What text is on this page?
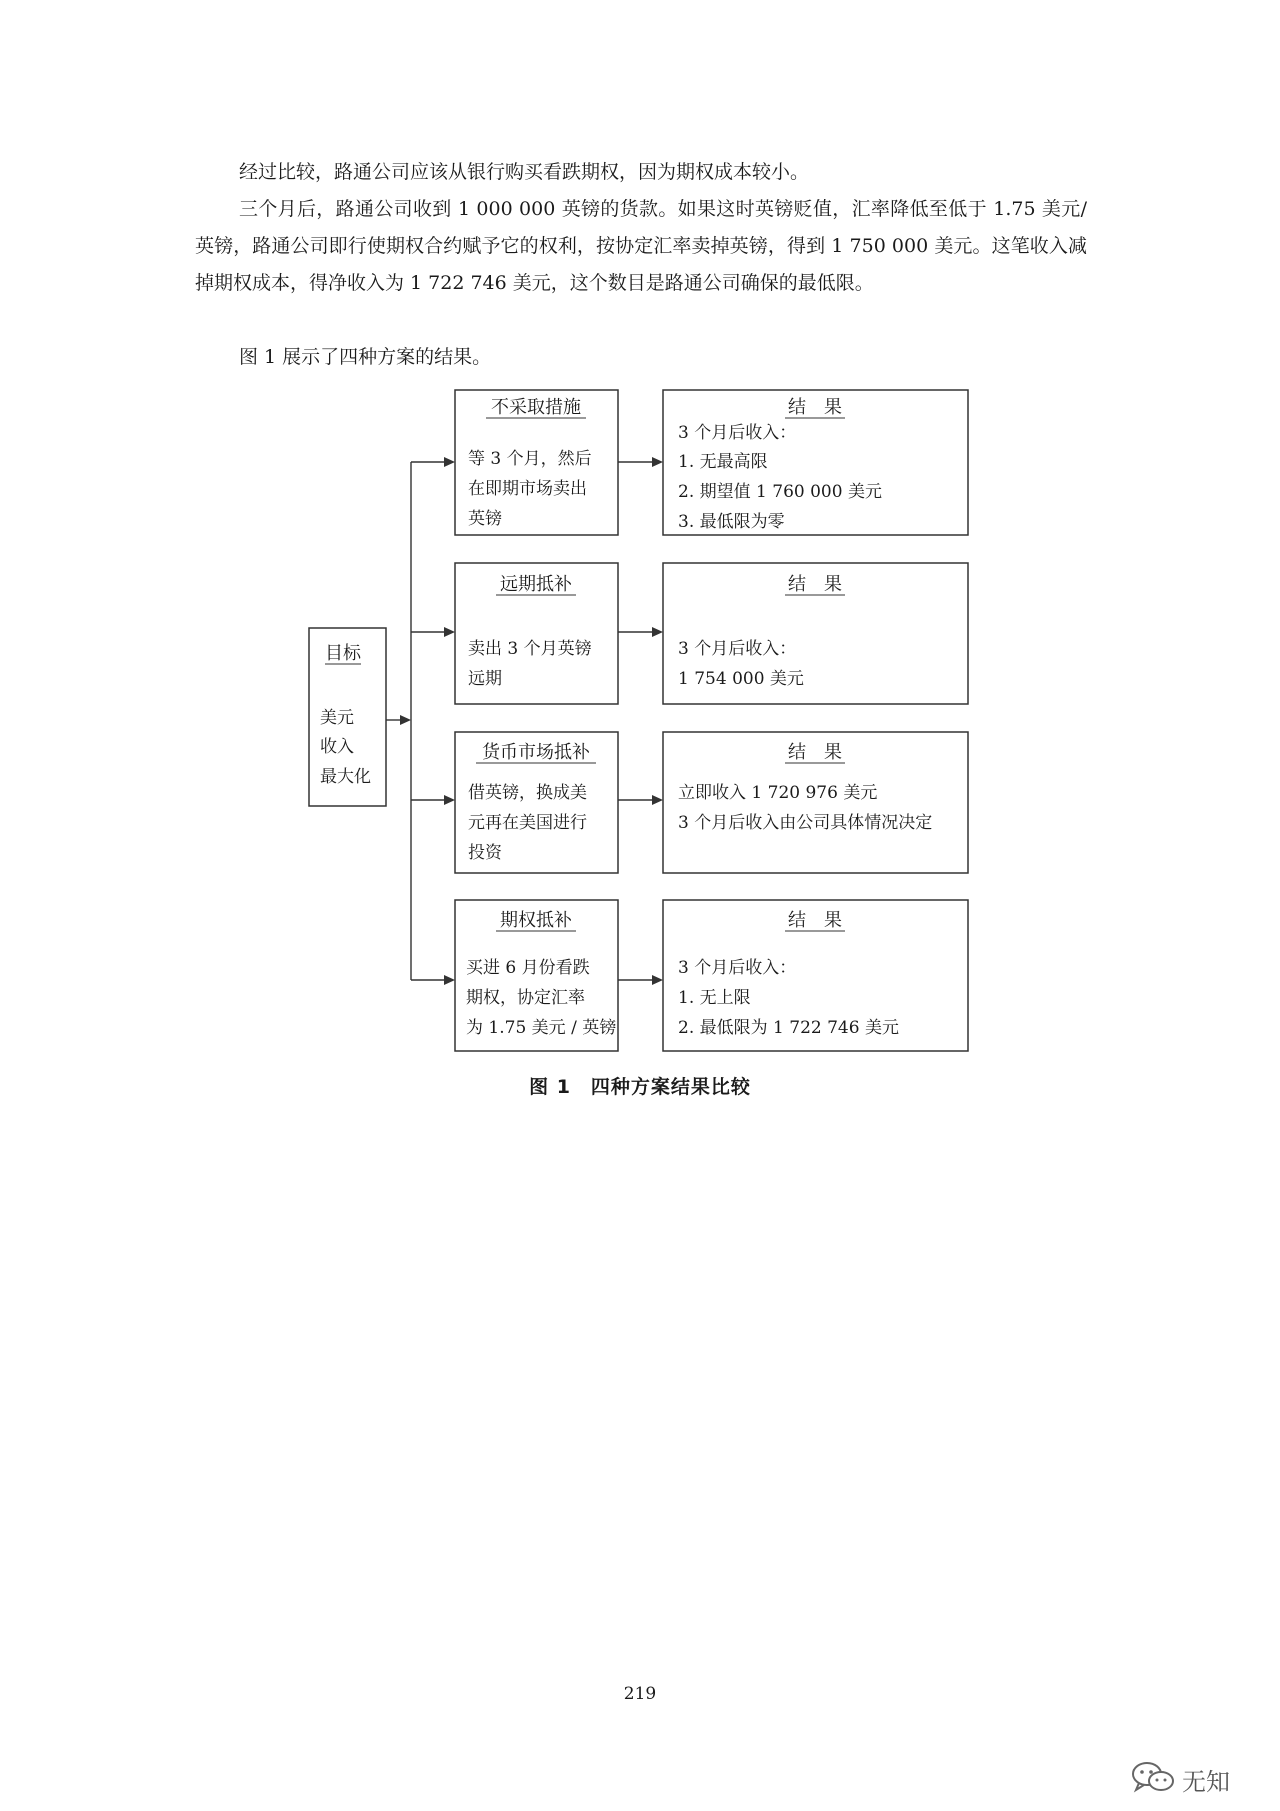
经过比较，路通公司应该从银行购买看跌期权，因为期权成本较小。

三个月后，路通公司收到 1 000 000 英镑的货款。如果这时英镑贬值，汇率降低至低于 1.75 美元/英镑，路通公司即行使期权合约赋予它的权利，按协定汇率卖掉英镑，得到 1 750 000 美元。这笔收入减掉期权成本，得净收入为 1 722 746 美元，这个数目是路通公司确保的最低限。

图 1 展示了四种方案的结果。

目标
美元
收入
最大化
不采取措施
等 3 个月，然后
在即期市场卖出
英镑
结　果
3 个月后收入：
1. 无最高限
2. 期望值 1 760 000 美元
3. 最低限为零
远期抵补
卖出 3 个月英镑
远期
结　果
3 个月后收入：
1 754 000 美元
货币市场抵补
借英镑，换成美
元再在美国进行
投资
结　果
立即收入 1 720 976 美元
3 个月后收入由公司具体情况决定
期权抵补
买进 6 月份看跌
期权，协定汇率
为 1.75 美元 / 英镑
结　果
3 个月后收入：
1. 无上限
2. 最低限为 1 722 746 美元
图 1　四种方案结果比较
219
无知
